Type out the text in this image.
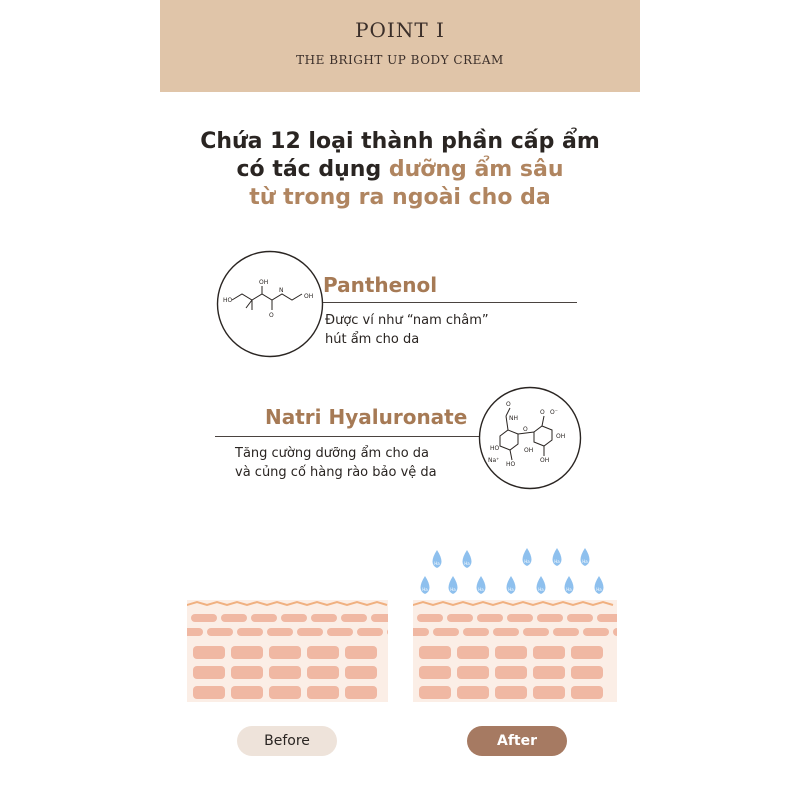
POINT I
THE BRIGHT UP BODY CREAM
Chứa 12 loại thành phần cấp ẩm
có tác dụng dưỡng ẩm sâu
từ trong ra ngoài cho da
HO
OH
N
OH
O
Panthenol
Được ví như “nam châm”
hút ẩm cho da
Natri Hyaluronate
Tăng cường dưỡng ẩm cho da
và củng cố hàng rào bảo vệ da
O
NH
O
O O⁻
OH
HO
HO
OH
OH
Na⁺
Ha	Ha	Ha	Ha	Ha
Ha	Ha	Ha	Ha	Ha	Ha	Ha
Before	After
